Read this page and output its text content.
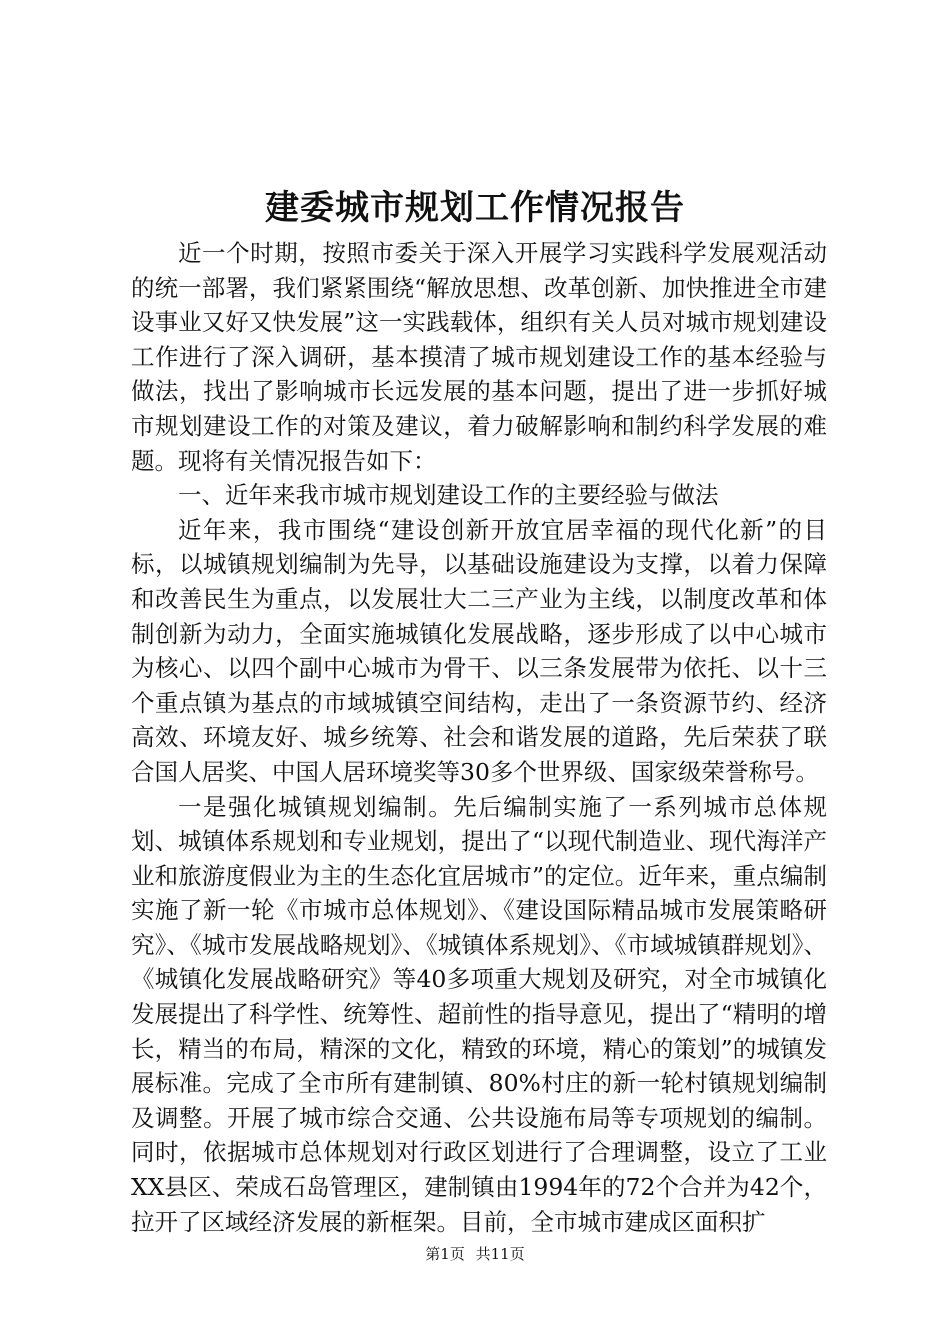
建委城市规划工作情况报告

近一个时期，按照市委关于深入开展学习实践科学发展观活动的统一部署，我们紧紧围绕“解放思想、改革创新、加快推进全市建设事业又好又快发展”这一实践载体，组织有关人员对城市规划建设工作进行了深入调研，基本摸清了城市规划建设工作的基本经验与做法，找出了影响城市长远发展的基本问题，提出了进一步抓好城市规划建设工作的对策及建议，着力破解影响和制约科学发展的难题。现将有关情况报告如下：

一、近年来我市城市规划建设工作的主要经验与做法

近年来，我市围绕“建设创新开放宜居幸福的现代化新”的目标，以城镇规划编制为先导，以基础设施建设为支撑，以着力保障和改善民生为重点，以发展壮大二三产业为主线，以制度改革和体制创新为动力，全面实施城镇化发展战略，逐步形成了以中心城市为核心、以四个副中心城市为骨干、以三条发展带为依托、以十三个重点镇为基点的市域城镇空间结构，走出了一条资源节约、经济高效、环境友好、城乡统筹、社会和谐发展的道路，先后荣获了联合国人居奖、中国人居环境奖等30多个世界级、国家级荣誉称号。

一是强化城镇规划编制。先后编制实施了一系列城市总体规划、城镇体系规划和专业规划，提出了“以现代制造业、现代海洋产业和旅游度假业为主的生态化宜居城市”的定位。近年来，重点编制实施了新一轮《市城市总体规划》、《建设国际精品城市发展策略研究》、《城市发展战略规划》、《城镇体系规划》、《市域城镇群规划》、《城镇化发展战略研究》等40多项重大规划及研究，对全市城镇化发展提出了科学性、统筹性、超前性的指导意见，提出了“精明的增长，精当的布局，精深的文化，精致的环境，精心的策划”的城镇发展标准。完成了全市所有建制镇、80%村庄的新一轮村镇规划编制及调整。开展了城市综合交通、公共设施布局等专项规划的编制。同时，依据城市总体规划对行政区划进行了合理调整，设立了工业XX县区、荣成石岛管理区，建制镇由1994年的72个合并为42个，拉开了区域经济发展的新框架。目前，全市城市建成区面积扩

第1页 共11页
